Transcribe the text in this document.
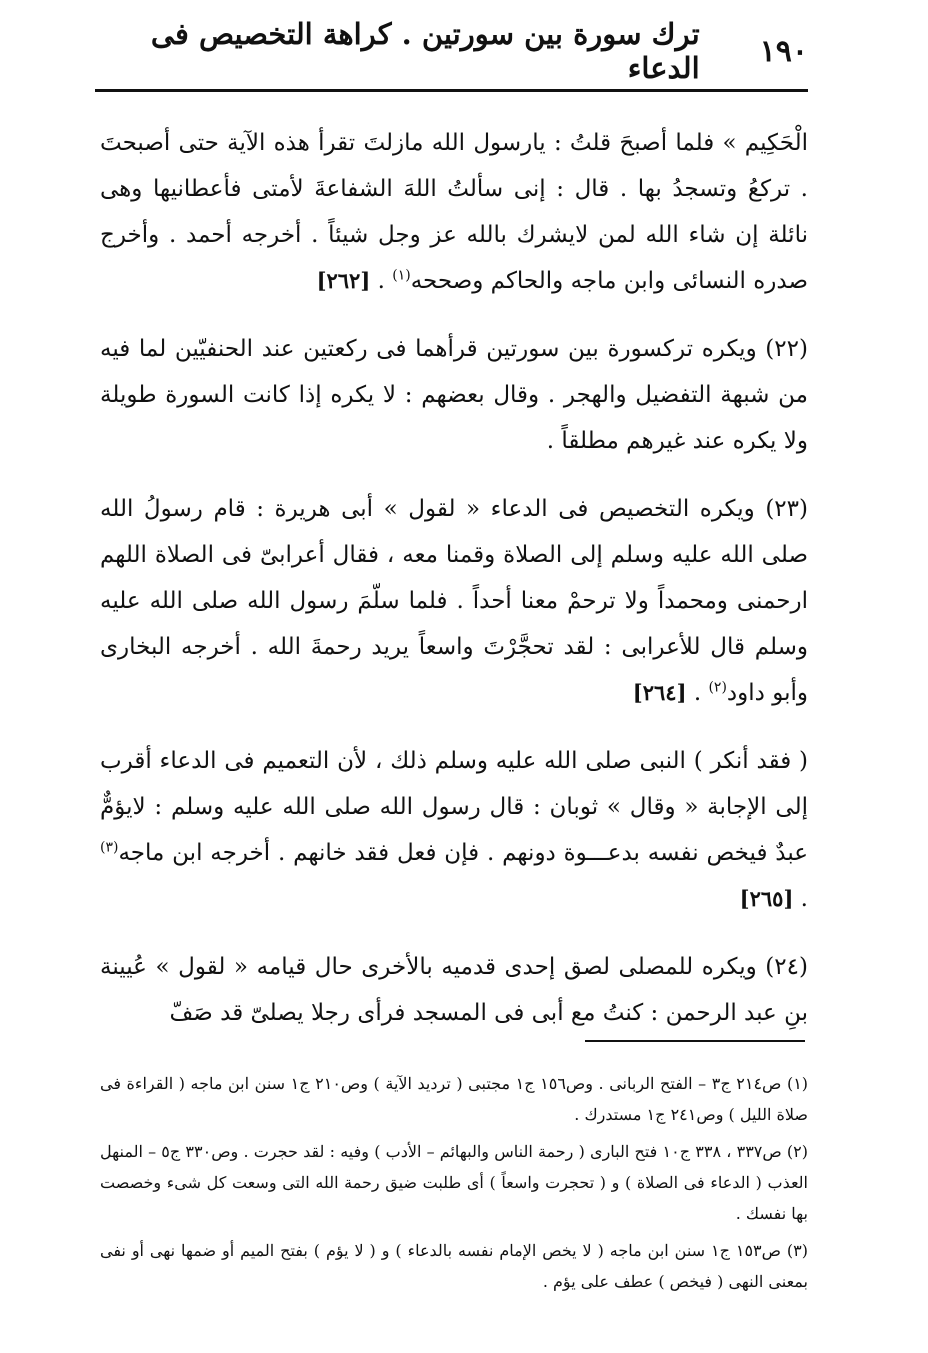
١٩٠
ترك سورة بين سورتين . كراهة التخصيص فى الدعاء

الْحَكِيم » فلما أصبحَ قلتُ : يارسول الله مازلتَ تقرأ هذه الآية حتى أصبحتَ . تركعُ وتسجدُ بها . قال : إنى سألتُ اللهَ الشفاعةَ لأمتى فأعطانيها وهى نائلة إن شاء الله لمن لايشرك بالله عز وجل شيئاً . أخرجه أحمد . وأخرج صدره النسائى وابن ماجه والحاكم وصححه$^{(١)}$ . [٢٦٢]

(٢٢) ويكره تركسورة بين سورتين قرأهما فى ركعتين عند الحنفيّين لما فيه من شبهة التفضيل والهجر . وقال بعضهم : لا يكره إذا كانت السورة طويلة ولا يكره عند غيرهم مطلقاً .

(٢٣) ويكره التخصيص فى الدعاء « لقول » أبى هريرة : قام رسولُ الله صلى الله عليه وسلم إلى الصلاة وقمنا معه ، فقال أعرابىّ فى الصلاة اللهم ارحمنى ومحمداً ولا ترحمْ معنا أحداً . فلما سلّمَ رسول الله صلى الله عليه وسلم قال للأعرابى : لقد تحجَّرْتَ واسعاً يريد رحمةَ الله . أخرجه البخارى وأبو داود$^{(٢)}$ . [٢٦٤]

( فقد أنكر ) النبى صلى الله عليه وسلم ذلك ، لأن التعميم فى الدعاء أقرب إلى الإجابة « وقال » ثوبان : قال رسول الله صلى الله عليه وسلم : لايؤمٌّ عبدٌ فيخص نفسه بدعـــوة دونهم . فإن فعل فقد خانهم . أخرجه ابن ماجه$^{(٣)}$ . [٢٦٥]

(٢٤) ويكره للمصلى لصق إحدى قدميه بالأخرى حال قيامه « لقول » عُيينة بنِ عبد الرحمن : كنتُ مع أبى فى المسجد فرأى رجلا يصلىّ قد صَفّ

(١) ص٢١٤ ج٣ – الفتح الربانى . وص١٥٦ ج١ مجتبى ( ترديد الآية ) وص٢١٠ ج١ سنن ابن ماجه ( القراءة فى صلاة الليل ) وص٢٤١ ج١ مستدرك .

(٢) ص٣٣٧ ، ٣٣٨ ج١٠ فتح البارى ( رحمة الناس والبهائم – الأدب ) وفيه : لقد حجرت . وص٣٣٠ ج٥ – المنهل العذب ( الدعاء فى الصلاة ) و ( تحجرت واسعاً ) أى طلبت ضيق رحمة الله التى وسعت كل شىء وخصصت بها نفسك .

(٣) ص١٥٣ ج١ سنن ابن ماجه ( لا يخص الإمام نفسه بالدعاء ) و ( لا يؤم ) بفتح الميم أو ضمها نهى أو نفى بمعنى النهى ( فيخص ) عطف على يؤم .
